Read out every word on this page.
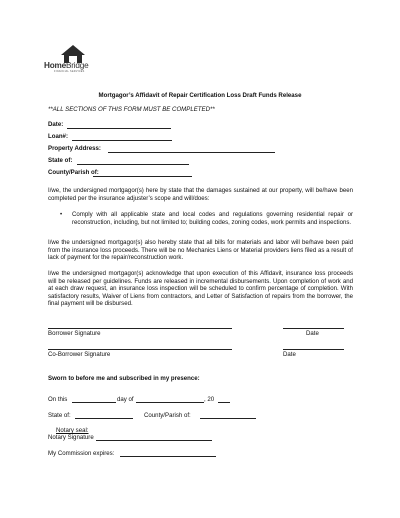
HomeBridge
FINANCIAL SERVICES
Mortgagor’s Affidavit of Repair Certification Loss Draft Funds Release
**ALL SECTIONS OF THIS FORM MUST BE COMPLETED**
Date:
Loan#:
Property Address:
State of:
County/Parish of:
I/we, the undersigned mortgagor(s) here by state that the damages sustained at our property, will be/have been completed per the insurance adjuster’s scope and will/does:
• Comply with all applicable state and local codes and regulations governing residential repair or reconstruction, including, but not limited to; building codes, zoning codes, work permits and inspections.
I/we the undersigned mortgagor(s) also hereby state that all bills for materials and labor will be/have been paid from the insurance loss proceeds. There will be no Mechanics Liens or Material providers liens filed as a result of lack of payment for the repair/reconstruction work.
I/we the undersigned mortgagor(s) acknowledge that upon execution of this Affidavit, insurance loss proceeds will be released per guidelines. Funds are released in incremental disbursements. Upon completion of work and at each draw request, an insurance loss inspection will be scheduled to confirm percentage of completion. With satisfactory results, Waiver of Liens from contractors, and Letter of Satisfaction of repairs from the borrower, the final payment will be disbursed.
Borrower Signature	Date
Co-Borrower Signature	Date
Sworn to before me and subscribed in my presence:
On this	day of	, 20
State of:	County/Parish of:
Notary seal:
Notary Signature
My Commission expires:
